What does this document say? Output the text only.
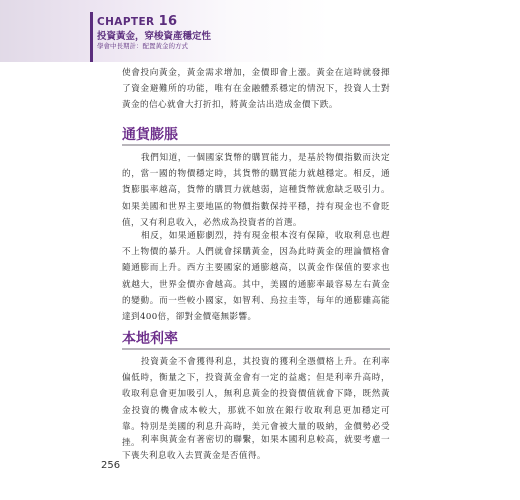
CHAPTER 16
投資黃金，穿梭資產穩定性
學會中長期計：配置黃金的方式

使會投向黃金，黃金需求增加，金價即會上漲。黃金在這時就發揮了資金避難所的功能，唯有在金融體系穩定的情況下，投資人士對黃金的信心就會大打折扣，將黃金沽出造成金價下跌。

通貨膨脹

我們知道，一個國家貨幣的購買能力，是基於物價指數而決定的，當一國的物價穩定時，其貨幣的購買能力就越穩定。相反，通貨膨脹率越高，貨幣的購買力就越弱，這種貨幣就愈缺乏吸引力。如果美國和世界主要地區的物價指數保持平穩，持有現金也不會貶值，又有利息收入，必然成為投資者的首選。

相反，如果通膨劇烈，持有現金根本沒有保障，收取利息也趕不上物價的暴升。人們就會採購黃金，因為此時黃金的理論價格會隨通膨而上升。西方主要國家的通膨越高，以黃金作保值的要求也就越大，世界金價亦會越高。其中，美國的通膨率最容易左右黃金的變動。而一些較小國家，如智利、烏拉圭等，每年的通膨雖高能達到400倍，卻對金價毫無影響。

本地利率

投資黃金不會獲得利息，其投資的獲利全憑價格上升。在利率偏低時，衡量之下，投資黃金會有一定的益處；但是利率升高時，收取利息會更加吸引人，無利息黃金的投資價值就會下降，既然黃金投資的機會成本較大，那就不如放在銀行收取利息更加穩定可靠。特別是美國的利息升高時，美元會被大量的吸納，金價勢必受挫。 利率與黃金有著密切的聯繫，如果本國利息較高，就要考慮一下喪失利息收入去買黃金是否值得。

256
